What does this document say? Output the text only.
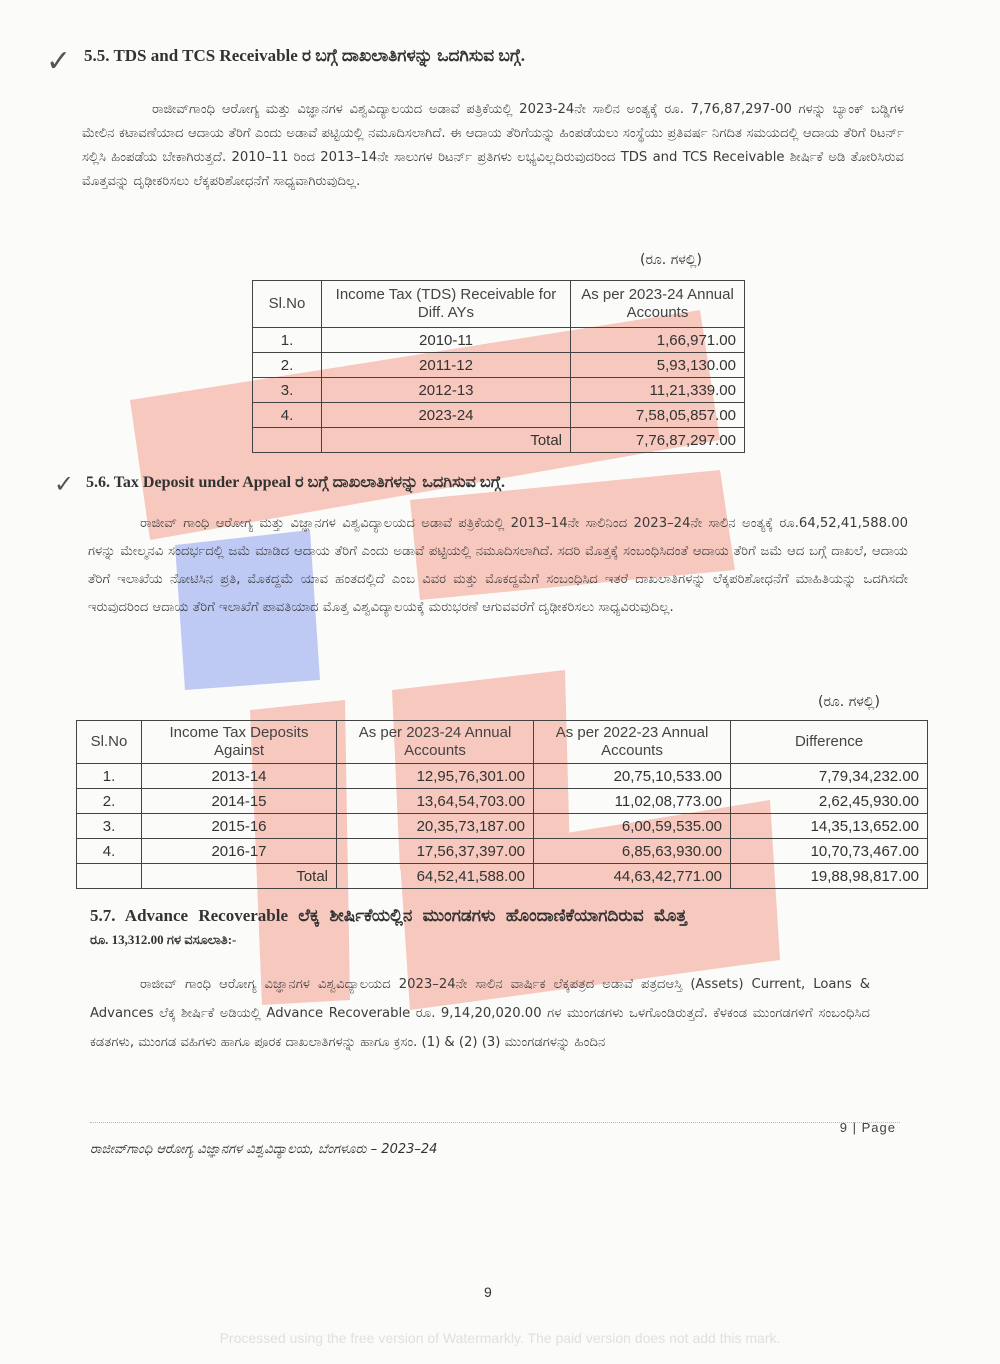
✓ 5.5. TDS and TCS Receivable ರ ಬಗ್ಗೆ ದಾಖಲಾತಿಗಳನ್ನು ಒದಗಿಸುವ ಬಗ್ಗೆ.

ರಾಜೀವ್‌ಗಾಂಧಿ ಆರೋಗ್ಯ ಮತ್ತು ವಿಜ್ಞಾನಗಳ ವಿಶ್ವವಿದ್ಯಾಲಯದ ಅಡಾವೆ ಪತ್ರಿಕೆಯಲ್ಲಿ 2023-24ನೇ ಸಾಲಿನ ಅಂತ್ಯಕ್ಕೆ ರೂ. 7,76,87,297-00 ಗಳನ್ನು ಬ್ಯಾಂಕ್ ಬಡ್ಡಿಗಳ ಮೇಲಿನ ಕಟಾವಣೆಯಾದ ಆದಾಯ ತೆರಿಗೆ ಎಂದು ಅಡಾವೆ ಪಟ್ಟಿಯಲ್ಲಿ ನಮೂದಿಸಲಾಗಿದೆ. ಈ ಆದಾಯ ತೆರಿಗೆಯನ್ನು ಹಿಂಪಡೆಯಲು ಸಂಸ್ಥೆಯು ಪ್ರತಿವರ್ಷ ನಿಗದಿತ ಸಮಯದಲ್ಲಿ ಆದಾಯ ತೆರಿಗೆ ರಿಟರ್ನ್ ಸಲ್ಲಿಸಿ ಹಿಂಪಡೆಯ ಬೇಕಾಗಿರುತ್ತದೆ. 2010–11 ರಿಂದ 2013–14ನೇ ಸಾಲುಗಳ ರಿಟರ್ನ್ ಪ್ರತಿಗಳು ಲಭ್ಯವಿಲ್ಲದಿರುವುದರಿಂದ TDS and TCS Receivable ಶೀರ್ಷಿಕೆ ಅಡಿ ತೋರಿಸಿರುವ ಮೊತ್ತವನ್ನು ದೃಢೀಕರಿಸಲು ಲೆಕ್ಕಪರಿಶೋಧನೆಗೆ ಸಾಧ್ಯವಾಗಿರುವುದಿಲ್ಲ.

(ರೂ. ಗಳಲ್ಲಿ)
Sl.No	Income Tax (TDS) Receivable for Diff. AYs	As per 2023-24 Annual Accounts
1.	2010-11	1,66,971.00
2.	2011-12	5,93,130.00
3.	2012-13	11,21,339.00
4.	2023-24	7,58,05,857.00
	Total	7,76,87,297.00
✓ 5.6. Tax Deposit under Appeal ರ ಬಗ್ಗೆ ದಾಖಲಾತಿಗಳನ್ನು ಒದಗಿಸುವ ಬಗ್ಗೆ.

ರಾಜೀವ್ ಗಾಂಧಿ ಆರೋಗ್ಯ ಮತ್ತು ವಿಜ್ಞಾನಗಳ ವಿಶ್ವವಿದ್ಯಾಲಯದ ಅಡಾವೆ ಪತ್ರಿಕೆಯಲ್ಲಿ 2013–14ನೇ ಸಾಲಿನಿಂದ 2023–24ನೇ ಸಾಲಿನ ಅಂತ್ಯಕ್ಕೆ ರೂ.64,52,41,588.00 ಗಳನ್ನು ಮೇಲ್ಮನವಿ ಸಂದರ್ಭದಲ್ಲಿ ಜಮೆ ಮಾಡಿದ ಆದಾಯ ತೆರಿಗೆ ಎಂದು ಅಡಾವೆ ಪಟ್ಟಿಯಲ್ಲಿ ನಮೂದಿಸಲಾಗಿದೆ. ಸದರಿ ಮೊತ್ತಕ್ಕೆ ಸಂಬಂಧಿಸಿದಂತೆ ಆದಾಯ ತೆರಿಗೆ ಜಮೆ ಆದ ಬಗ್ಗೆ ದಾಖಲೆ, ಆದಾಯ ತೆರಿಗೆ ಇಲಾಖೆಯ ನೋಟಿಸಿನ ಪ್ರತಿ, ಮೊಕದ್ದಮೆ ಯಾವ ಹಂತದಲ್ಲಿದೆ ಎಂಬ ವಿವರ ಮತ್ತು ಮೊಕದ್ದಮೆಗೆ ಸಂಬಂಧಿಸಿದ ಇತರೆ ದಾಖಲಾತಿಗಳನ್ನು ಲೆಕ್ಕಪರಿಶೋಧನೆಗೆ ಮಾಹಿತಿಯನ್ನು ಒದಗಿಸದೇ ಇರುವುದರಿಂದ ಆದಾಯ ತೆರಿಗೆ ಇಲಾಖೆಗೆ ಪಾವತಿಯಾದ ಮೊತ್ತ ವಿಶ್ವವಿದ್ಯಾಲಯಕ್ಕೆ ಮರುಭರಣೆ ಆಗುವವರೆಗೆ ದೃಢೀಕರಿಸಲು ಸಾಧ್ಯವಿರುವುದಿಲ್ಲ.

(ರೂ. ಗಳಲ್ಲಿ)
Sl.No	Income Tax Deposits Against	As per 2023-24 Annual Accounts	As per 2022-23 Annual Accounts	Difference
1.	2013-14	12,95,76,301.00	20,75,10,533.00	7,79,34,232.00
2.	2014-15	13,64,54,703.00	11,02,08,773.00	2,62,45,930.00
3.	2015-16	20,35,73,187.00	6,00,59,535.00	14,35,13,652.00
4.	2016-17	17,56,37,397.00	6,85,63,930.00	10,70,73,467.00
	Total	64,52,41,588.00	44,63,42,771.00	19,88,98,817.00
5.7. Advance Recoverable ಲೆಕ್ಕ ಶೀರ್ಷಿಕೆಯಲ್ಲಿನ ಮುಂಗಡಗಳು ಹೊಂದಾಣಿಕೆಯಾಗದಿರುವ ಮೊತ್ತ
ರೂ. 13,312.00 ಗಳ ವಸೂಲಾತಿ:-

ರಾಜೀವ್ ಗಾಂಧಿ ಆರೋಗ್ಯ ವಿಜ್ಞಾನಗಳ ವಿಶ್ವವಿದ್ಯಾಲಯದ 2023–24ನೇ ಸಾಲಿನ ವಾರ್ಷಿಕ ಲೆಕ್ಕಪತ್ರದ ಅಡಾವೆ ಪತ್ರದಆಸ್ತಿ (Assets) Current, Loans & Advances ಲೆಕ್ಕ ಶೀರ್ಷಿಕೆ ಅಡಿಯಲ್ಲಿ Advance Recoverable ರೂ. 9,14,20,020.00 ಗಳ ಮುಂಗಡಗಳು ಒಳಗೊಂಡಿರುತ್ತದೆ. ಕೆಳಕಂಡ ಮುಂಗಡಗಳಿಗೆ ಸಂಬಂಧಿಸಿದ ಕಡತಗಳು, ಮುಂಗಡ ವಹಿಗಳು ಹಾಗೂ ಪೂರಕ ದಾಖಲಾತಿಗಳನ್ನು ಹಾಗೂ ಕ್ರಸಂ. (1) & (2) (3) ಮುಂಗಡಗಳನ್ನು ಹಿಂದಿನ

9 | Page
ರಾಜೀವ್‌ಗಾಂಧಿ ಆರೋಗ್ಯ ವಿಜ್ಞಾನಗಳ ವಿಶ್ವವಿದ್ಯಾಲಯ, ಬೆಂಗಳೂರು – 2023–24
9
Processed using the free version of Watermarkly. The paid version does not add this mark.
